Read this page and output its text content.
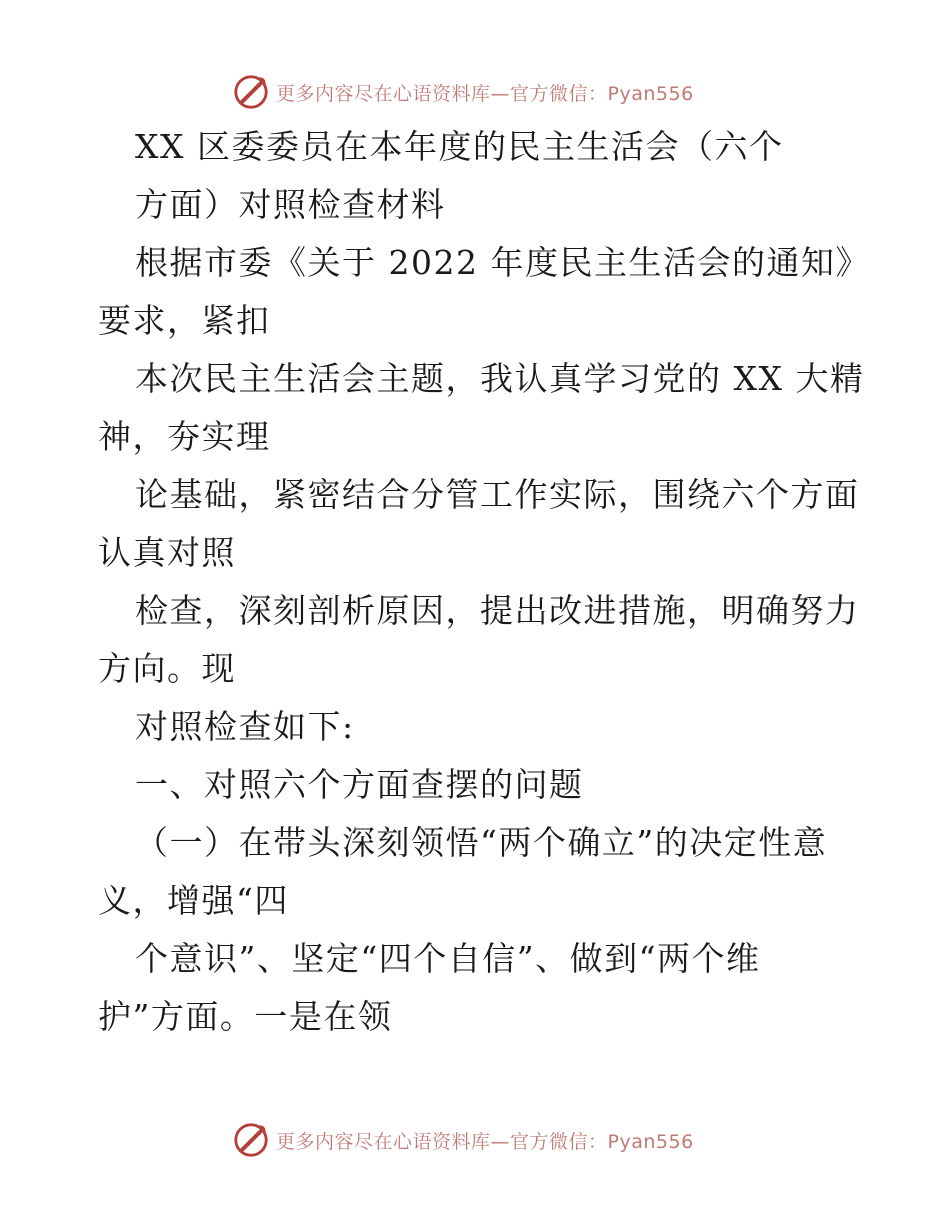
更多内容尽在心语资料库—官方微信：Pyan556

XX 区委委员在本年度的民主生活会（六个

方面）对照检查材料

根据市委《关于 2022 年度民主生活会的通知》

要求，紧扣

本次民主生活会主题，我认真学习党的 XX 大精

神，夯实理

论基础，紧密结合分管工作实际，围绕六个方面

认真对照

检查，深刻剖析原因，提出改进措施，明确努力

方向。现

对照检查如下:

一、对照六个方面查摆的问题

（一）在带头深刻领悟“两个确立”的决定性意

义，增强“四

个意识”、坚定“四个自信”、做到“两个维

护”方面。一是在领

更多内容尽在心语资料库—官方微信：Pyan556
